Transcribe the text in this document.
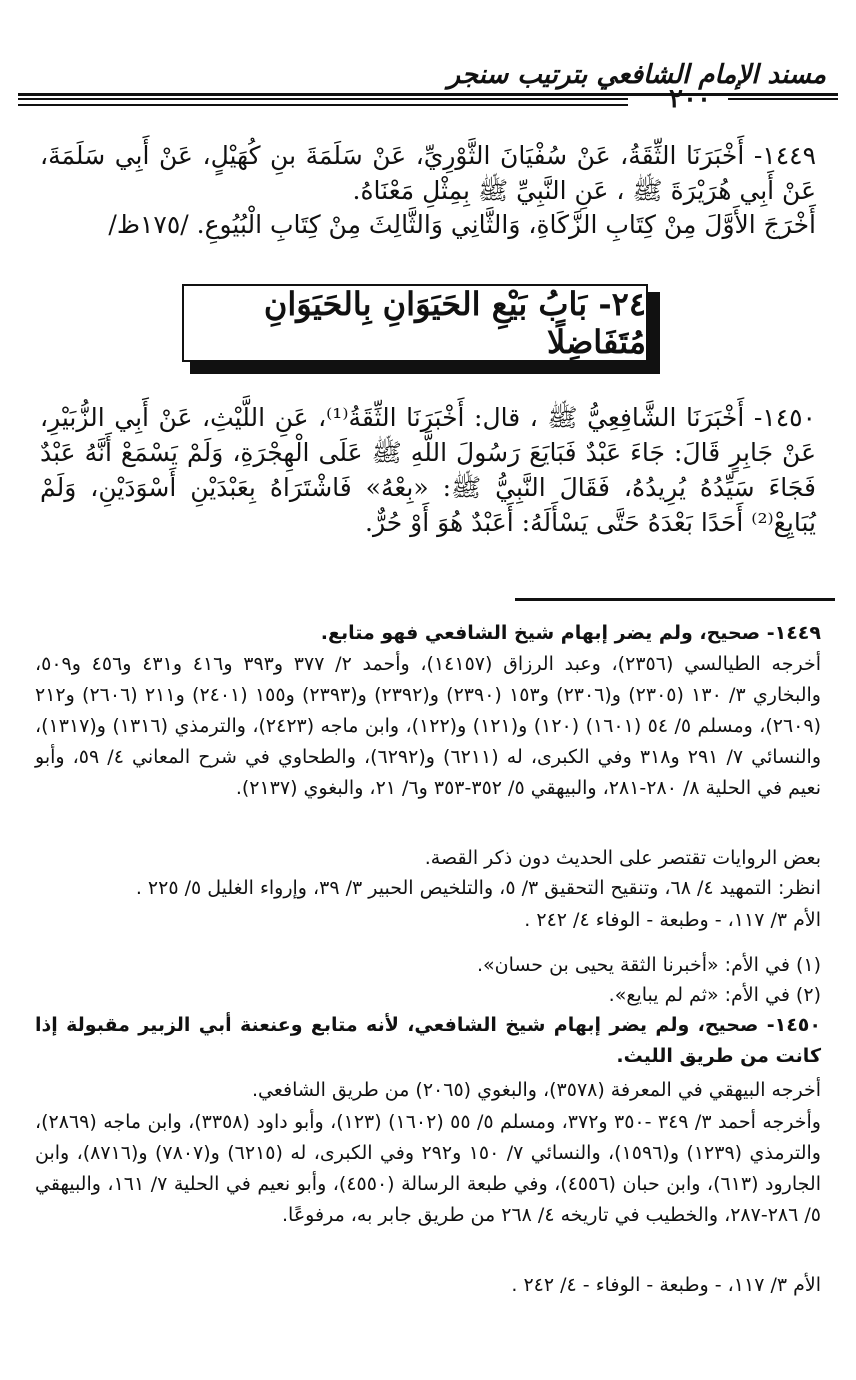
مسند الإمام الشافعي بترتيب سنجر
٢٠٠
١٤٤٩- أَخْبَرَنَا الثِّقَةُ، عَنْ سُفْيَانَ الثَّوْرِيِّ، عَنْ سَلَمَةَ بنِ كُهَيْلٍ، عَنْ أَبِي سَلَمَةَ، عَنْ أَبِي هُرَيْرَةَ ﷺ ، عَنِ النَّبِيِّ ﷺ بِمِثْلِ مَعْنَاهُ.
أَخْرَجَ الأَوَّلَ مِنْ كِتَابِ الزَّكَاةِ، وَالثَّانِي وَالثَّالِثَ مِنْ كِتَابِ الْبُيُوعِ. /١٧٥ظ/
٢٤- بَابُ بَيْعِ الحَيَوَانِ بِالحَيَوَانِ مُتَفَاضِلًا
١٤٥٠- أَخْبَرَنَا الشَّافِعِيُّ ﷺ ، قال: أَخْبَرَنَا الثِّقَةُ⁽¹⁾، عَنِ اللَّيْثِ، عَنْ أَبِي الزُّبَيْرِ، عَنْ جَابِرٍ قَالَ: جَاءَ عَبْدٌ فَبَايَعَ رَسُولَ اللَّهِ ﷺ عَلَى الْهِجْرَةِ، وَلَمْ يَسْمَعْ أَنَّهُ عَبْدٌ فَجَاءَ سَيِّدُهُ يُرِيدُهُ، فَقَالَ النَّبِيُّ ﷺ: «بِعْهُ» فَاشْتَرَاهُ بِعَبْدَيْنِ أَسْوَدَيْنِ، وَلَمْ يُبَايِعْ⁽²⁾ أَحَدًا بَعْدَهُ حَتَّى يَسْأَلَهُ: أَعَبْدٌ هُوَ أَوْ حُرٌّ.
١٤٤٩- صحيح، ولم يضر إبهام شيخ الشافعي فهو متابع.
أخرجه الطيالسي (٢٣٥٦)، وعبد الرزاق (١٤١٥٧)، وأحمد ٢/ ٣٧٧ و٣٩٣ و٤١٦ و٤٣١ و٤٥٦ و٥٠٩، والبخاري ٣/ ١٣٠ (٢٣٠٥) و(٢٣٠٦) و١٥٣ (٢٣٩٠) و(٢٣٩٢) و(٢٣٩٣) و١٥٥ (٢٤٠١) و٢١١ (٢٦٠٦) و٢١٢ (٢٦٠٩)، ومسلم ٥/ ٥٤ (١٦٠١) (١٢٠) و(١٢١) و(١٢٢)، وابن ماجه (٢٤٢٣)، والترمذي (١٣١٦) و(١٣١٧)، والنسائي ٧/ ٢٩١ و٣١٨ وفي الكبرى، له (٦٢١١) و(٦٢٩٢)، والطحاوي في شرح المعاني ٤/ ٥٩، وأبو نعيم في الحلية ٨/ ٢٨٠-٢٨١، والبيهقي ٥/ ٣٥٢-٣٥٣ و٦/ ٢١، والبغوي (٢١٣٧).
بعض الروايات تقتصر على الحديث دون ذكر القصة.
انظر: التمهيد ٤/ ٦٨، وتنقيح التحقيق ٣/ ٥، والتلخيص الحبير ٣/ ٣٩، وإرواء الغليل ٥/ ٢٢٥ .
الأم ٣/ ١١٧، - وطبعة - الوفاء ٤/ ٢٤٢ .
(١) في الأم: «أخبرنا الثقة يحيى بن حسان».
(٢) في الأم: «ثم لم يبايع».
١٤٥٠- صحيح، ولم يضر إبهام شيخ الشافعي، لأنه متابع وعنعنة أبي الزبير مقبولة إذا كانت من طريق الليث.
أخرجه البيهقي في المعرفة (٣٥٧٨)، والبغوي (٢٠٦٥) من طريق الشافعي.
وأخرجه أحمد ٣/ ٣٤٩ -٣٥٠ و٣٧٢، ومسلم ٥/ ٥٥ (١٦٠٢) (١٢٣)، وأبو داود (٣٣٥٨)، وابن ماجه (٢٨٦٩)، والترمذي (١٢٣٩) و(١٥٩٦)، والنسائي ٧/ ١٥٠ و٢٩٢ وفي الكبرى، له (٦٢١٥) و(٧٨٠٧) و(٨٧١٦)، وابن الجارود (٦١٣)، وابن حبان (٤٥٥٦)، وفي طبعة الرسالة (٤٥٥٠)، وأبو نعيم في الحلية ٧/ ١٦١، والبيهقي ٥/ ٢٨٦-٢٨٧، والخطيب في تاريخه ٤/ ٢٦٨ من طريق جابر به، مرفوعًا.
الأم ٣/ ١١٧، - وطبعة - الوفاء - ٤/ ٢٤٢ .
